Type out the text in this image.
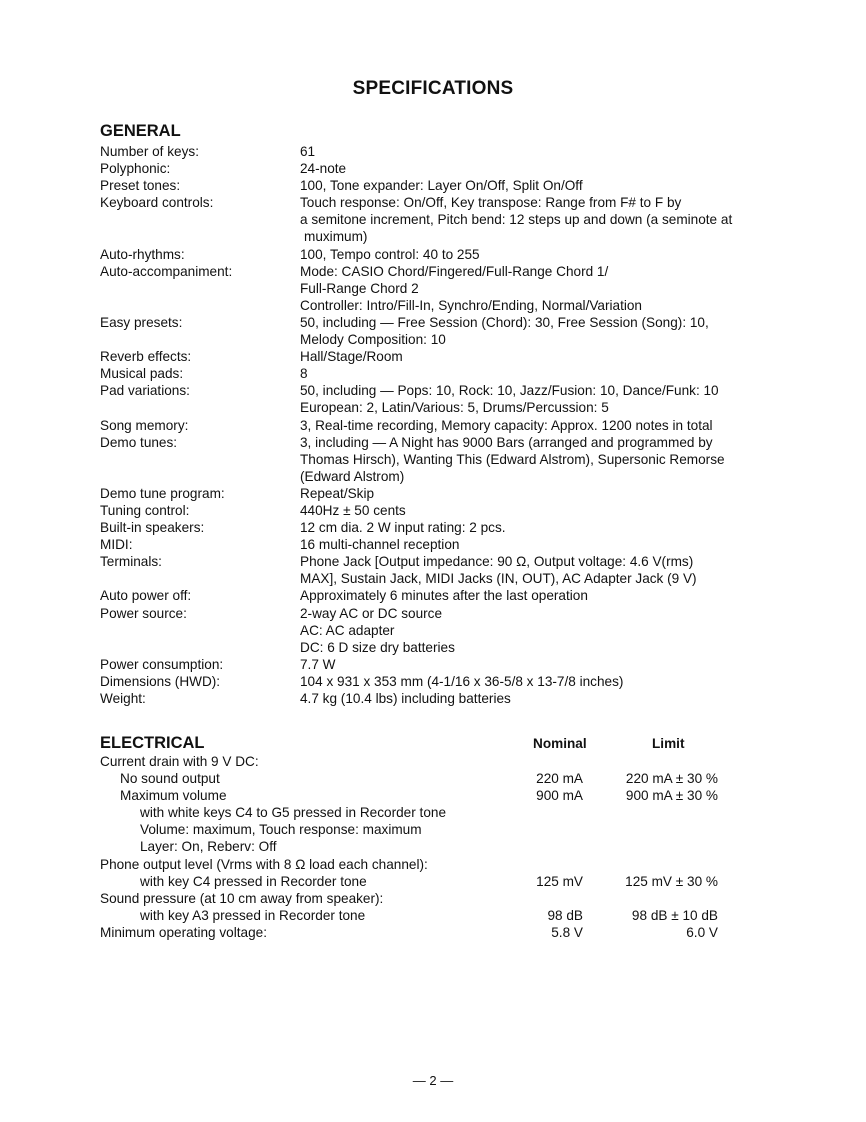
SPECIFICATIONS
GENERAL
Number of keys:	61
Polyphonic:	24-note
Preset tones:	100, Tone expander: Layer On/Off, Split On/Off
Keyboard controls:	Touch response: On/Off, Key transpose: Range from F# to F by
a semitone increment, Pitch bend: 12 steps up and down (a seminote at
muximum)
Auto-rhythms:	100, Tempo control: 40 to 255
Auto-accompaniment:	Mode: CASIO Chord/Fingered/Full-Range Chord 1/
Full-Range Chord 2
Controller: Intro/Fill-In, Synchro/Ending, Normal/Variation
Easy presets:	50, including — Free Session (Chord): 30, Free Session (Song): 10,
Melody Composition: 10
Reverb effects:	Hall/Stage/Room
Musical pads:	8
Pad variations:	50, including — Pops: 10, Rock: 10, Jazz/Fusion: 10, Dance/Funk: 10
European: 2, Latin/Various: 5, Drums/Percussion: 5
Song memory:	3, Real-time recording, Memory capacity: Approx. 1200 notes in total
Demo tunes:	3, including — A Night has 9000 Bars (arranged and programmed by
Thomas Hirsch), Wanting This (Edward Alstrom), Supersonic Remorse
(Edward Alstrom)
Demo tune program:	Repeat/Skip
Tuning control:	440Hz ± 50 cents
Built-in speakers:	12 cm dia. 2 W input rating: 2 pcs.
MIDI:	16 multi-channel reception
Terminals:	Phone Jack [Output impedance: 90 Ω, Output voltage: 4.6 V(rms)
MAX], Sustain Jack, MIDI Jacks (IN, OUT), AC Adapter Jack (9 V)
Auto power off:	Approximately 6 minutes after the last operation
Power source:	2-way AC or DC source
AC: AC adapter
DC: 6 D size dry batteries
Power consumption:	7.7 W
Dimensions (HWD):	104 x 931 x 353 mm (4-1/16 x 36-5/8 x 13-7/8 inches)
Weight:	4.7 kg (10.4 lbs) including batteries
ELECTRICAL	Nominal	Limit
Current drain with 9 V DC:
No sound output	220 mA	220 mA ± 30 %
Maximum volume	900 mA	900 mA ± 30 %
with white keys C4 to G5 pressed in Recorder tone
Volume: maximum, Touch response: maximum
Layer: On, Reberv: Off
Phone output level (Vrms with 8 Ω load each channel):
with key C4 pressed in Recorder tone	125 mV	125 mV ± 30 %
Sound pressure (at 10 cm away from speaker):
with key A3 pressed in Recorder tone	98 dB	98 dB ± 10 dB
Minimum operating voltage:	5.8 V	6.0 V
— 2 —
